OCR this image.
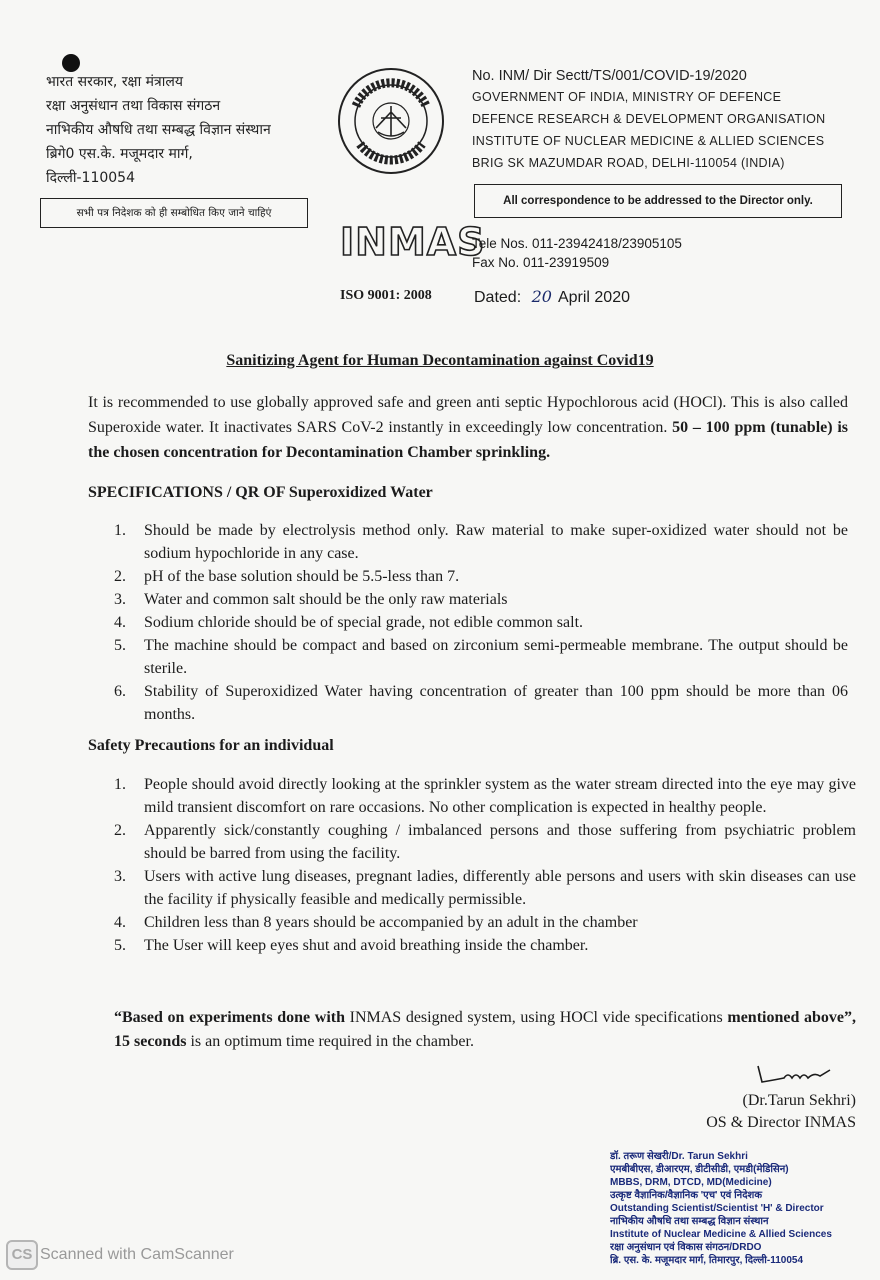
भारत सरकार, रक्षा मंत्रालय
रक्षा अनुसंधान तथा विकास संगठन
नाभिकीय औषधि तथा सम्बद्ध विज्ञान संस्थान
ब्रिगे0 एस.के. मजूमदार मार्ग,
दिल्ली-110054
सभी पत्र निदेशक को ही सम्बोधित किए जाने चाहिएं
INMAS
ISO 9001: 2008
No. INM/ Dir Sectt/TS/001/COVID-19/2020
GOVERNMENT OF INDIA, MINISTRY OF DEFENCE
DEFENCE RESEARCH & DEVELOPMENT ORGANISATION
INSTITUTE OF NUCLEAR MEDICINE & ALLIED SCIENCES
BRIG SK MAZUMDAR ROAD, DELHI-110054 (INDIA)
All correspondence to be addressed to the Director only.
Tele Nos. 011-23942418/23905105
Fax No. 011-23919509
Dated: 20 April 2020
Sanitizing Agent for Human Decontamination against Covid19
It is recommended to use globally approved safe and green anti septic Hypochlorous acid (HOCl). This is also called Superoxide water. It inactivates SARS CoV-2 instantly in exceedingly low concentration. 50 – 100 ppm (tunable) is the chosen concentration for Decontamination Chamber sprinkling.
SPECIFICATIONS / QR OF Superoxidized Water
1. Should be made by electrolysis method only. Raw material to make super-oxidized water should not be sodium hypochloride in any case.
2. pH of the base solution should be 5.5-less than 7.
3. Water and common salt should be the only raw materials
4. Sodium chloride should be of special grade, not edible common salt.
5. The machine should be compact and based on zirconium semi-permeable membrane. The output should be sterile.
6. Stability of Superoxidized Water having concentration of greater than 100 ppm should be more than 06 months.
Safety Precautions for an individual
1. People should avoid directly looking at the sprinkler system as the water stream directed into the eye may give mild transient discomfort on rare occasions. No other complication is expected in healthy people.
2. Apparently sick/constantly coughing / imbalanced persons and those suffering from psychiatric problem should be barred from using the facility.
3. Users with active lung diseases, pregnant ladies, differently able persons and users with skin diseases can use the facility if physically feasible and medically permissible.
4. Children less than 8 years should be accompanied by an adult in the chamber
5. The User will keep eyes shut and avoid breathing inside the chamber.
“Based on experiments done with INMAS designed system, using HOCl vide specifications mentioned above”, 15 seconds is an optimum time required in the chamber.
(Dr.Tarun Sekhri)
OS & Director INMAS
डॉ. तरूण सेखरी/Dr. Tarun Sekhri
एमबीबीएस, डीआरएम, डीटीसीडी, एमडी(मेडिसिन)
MBBS, DRM, DTCD, MD(Medicine)
उत्कृष्ट वैज्ञानिक/वैज्ञानिक 'एच' एवं निदेशक
Outstanding Scientist/Scientist 'H' & Director
नाभिकीय औषधि तथा सम्बद्ध विज्ञान संस्थान
Institute of Nuclear Medicine & Allied Sciences
रक्षा अनुसंधान एवं विकास संगठन/DRDO
ब्रि. एस. के. मजूमदार मार्ग, तिमारपुर, दिल्ली-110054
CS Scanned with CamScanner
